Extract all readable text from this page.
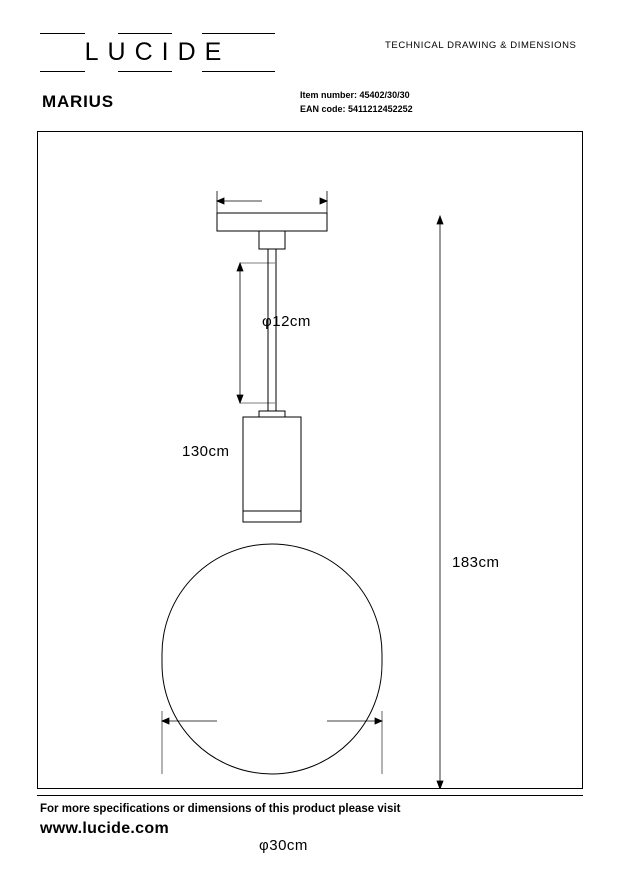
LUCIDE	TECHNICAL DRAWING & DIMENSIONS
MARIUS	Item number: 45402/30/30
EAN code: 5411212452252
φ12cm
130cm
183cm
φ30cm
For more specifications or dimensions of this product please visit
www.lucide.com
